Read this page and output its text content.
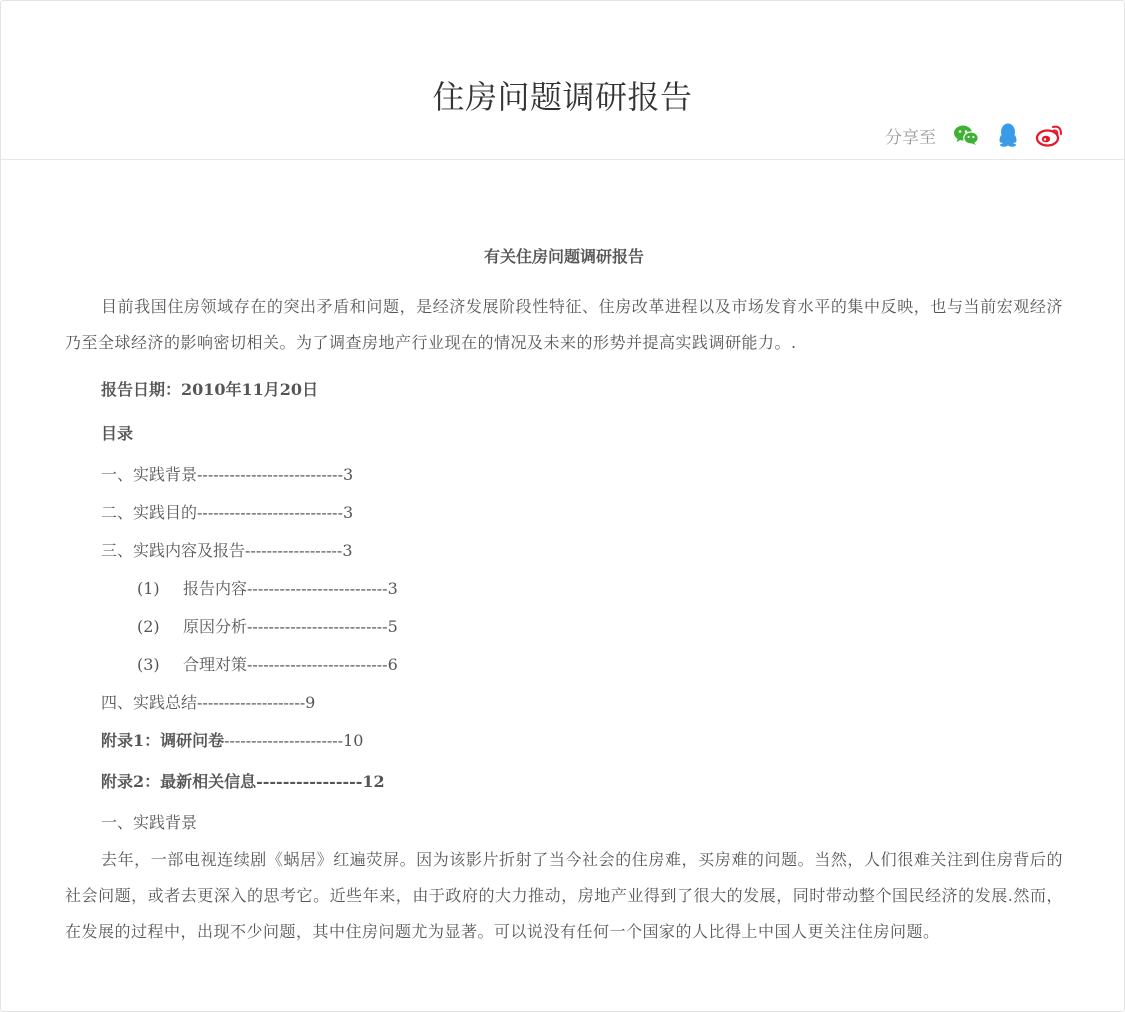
住房问题调研报告
分享至
有关住房问题调研报告

目前我国住房领域存在的突出矛盾和问题，是经济发展阶段性特征、住房改革进程以及市场发育水平的集中反映，也与当前宏观经济乃至全球经济的影响密切相关。为了调查房地产行业现在的情况及未来的形势并提高实践调研能力。.

报告日期：2010年11月20日
目录
一、实践背景---------------------------3
二、实践目的---------------------------3
三、实践内容及报告------------------3
(1) 报告内容--------------------------3
(2) 原因分析--------------------------5
(3) 合理对策--------------------------6
四、实践总结--------------------9
附录1：调研问卷----------------------10
附录2：最新相关信息----------------12
一、实践背景

去年，一部电视连续剧《蜗居》红遍荧屏。因为该影片折射了当今社会的住房难，买房难的问题。当然，人们很难关注到住房背后的社会问题，或者去更深入的思考它。近些年来，由于政府的大力推动，房地产业得到了很大的发展，同时带动整个国民经济的发展.然而，在发展的过程中，出现不少问题，其中住房问题尤为显著。可以说没有任何一个国家的人比得上中国人更关注住房问题。
